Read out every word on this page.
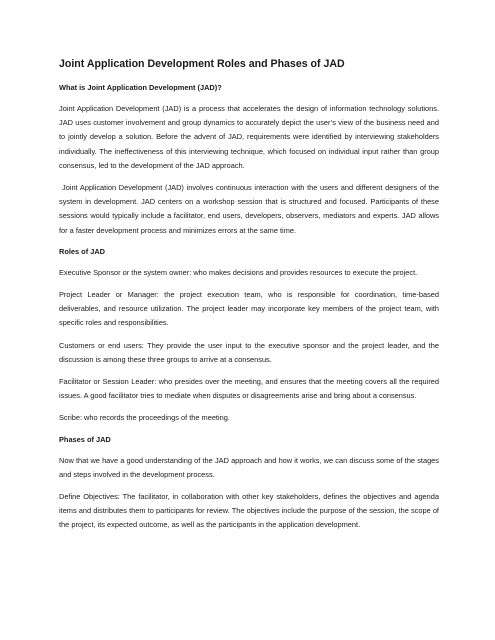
Joint Application Development Roles and Phases of JAD
What is Joint Application Development (JAD)?

Joint Application Development (JAD) is a process that accelerates the design of information technology solutions. JAD uses customer involvement and group dynamics to accurately depict the user’s view of the business need and to jointly develop a solution. Before the advent of JAD, requirements were identified by interviewing stakeholders individually. The ineffectiveness of this interviewing technique, which focused on individual input rather than group consensus, led to the development of the JAD approach.

Joint Application Development (JAD) involves continuous interaction with the users and different designers of the system in development. JAD centers on a workshop session that is structured and focused. Participants of these sessions would typically include a facilitator, end users, developers, observers, mediators and experts. JAD allows for a faster development process and minimizes errors at the same time.

Roles of JAD

Executive Sponsor or the system owner: who makes decisions and provides resources to execute the project.

Project Leader or Manager: the project execution team, who is responsible for coordination, time-based deliverables, and resource utilization. The project leader may incorporate key members of the project team, with specific roles and responsibilities.

Customers or end users: They provide the user input to the executive sponsor and the project leader, and the discussion is among these three groups to arrive at a consensus.

Facilitator or Session Leader: who presides over the meeting, and ensures that the meeting covers all the required issues. A good facilitator tries to mediate when disputes or disagreements arise and bring about a consensus.

Scribe: who records the proceedings of the meeting.

Phases of JAD

Now that we have a good understanding of the JAD approach and how it works, we can discuss some of the stages and steps involved in the development process.

Define Objectives: The facilitator, in collaboration with other key stakeholders, defines the objectives and agenda items and distributes them to participants for review. The objectives include the purpose of the session, the scope of the project, its expected outcome, as well as the participants in the application development.
